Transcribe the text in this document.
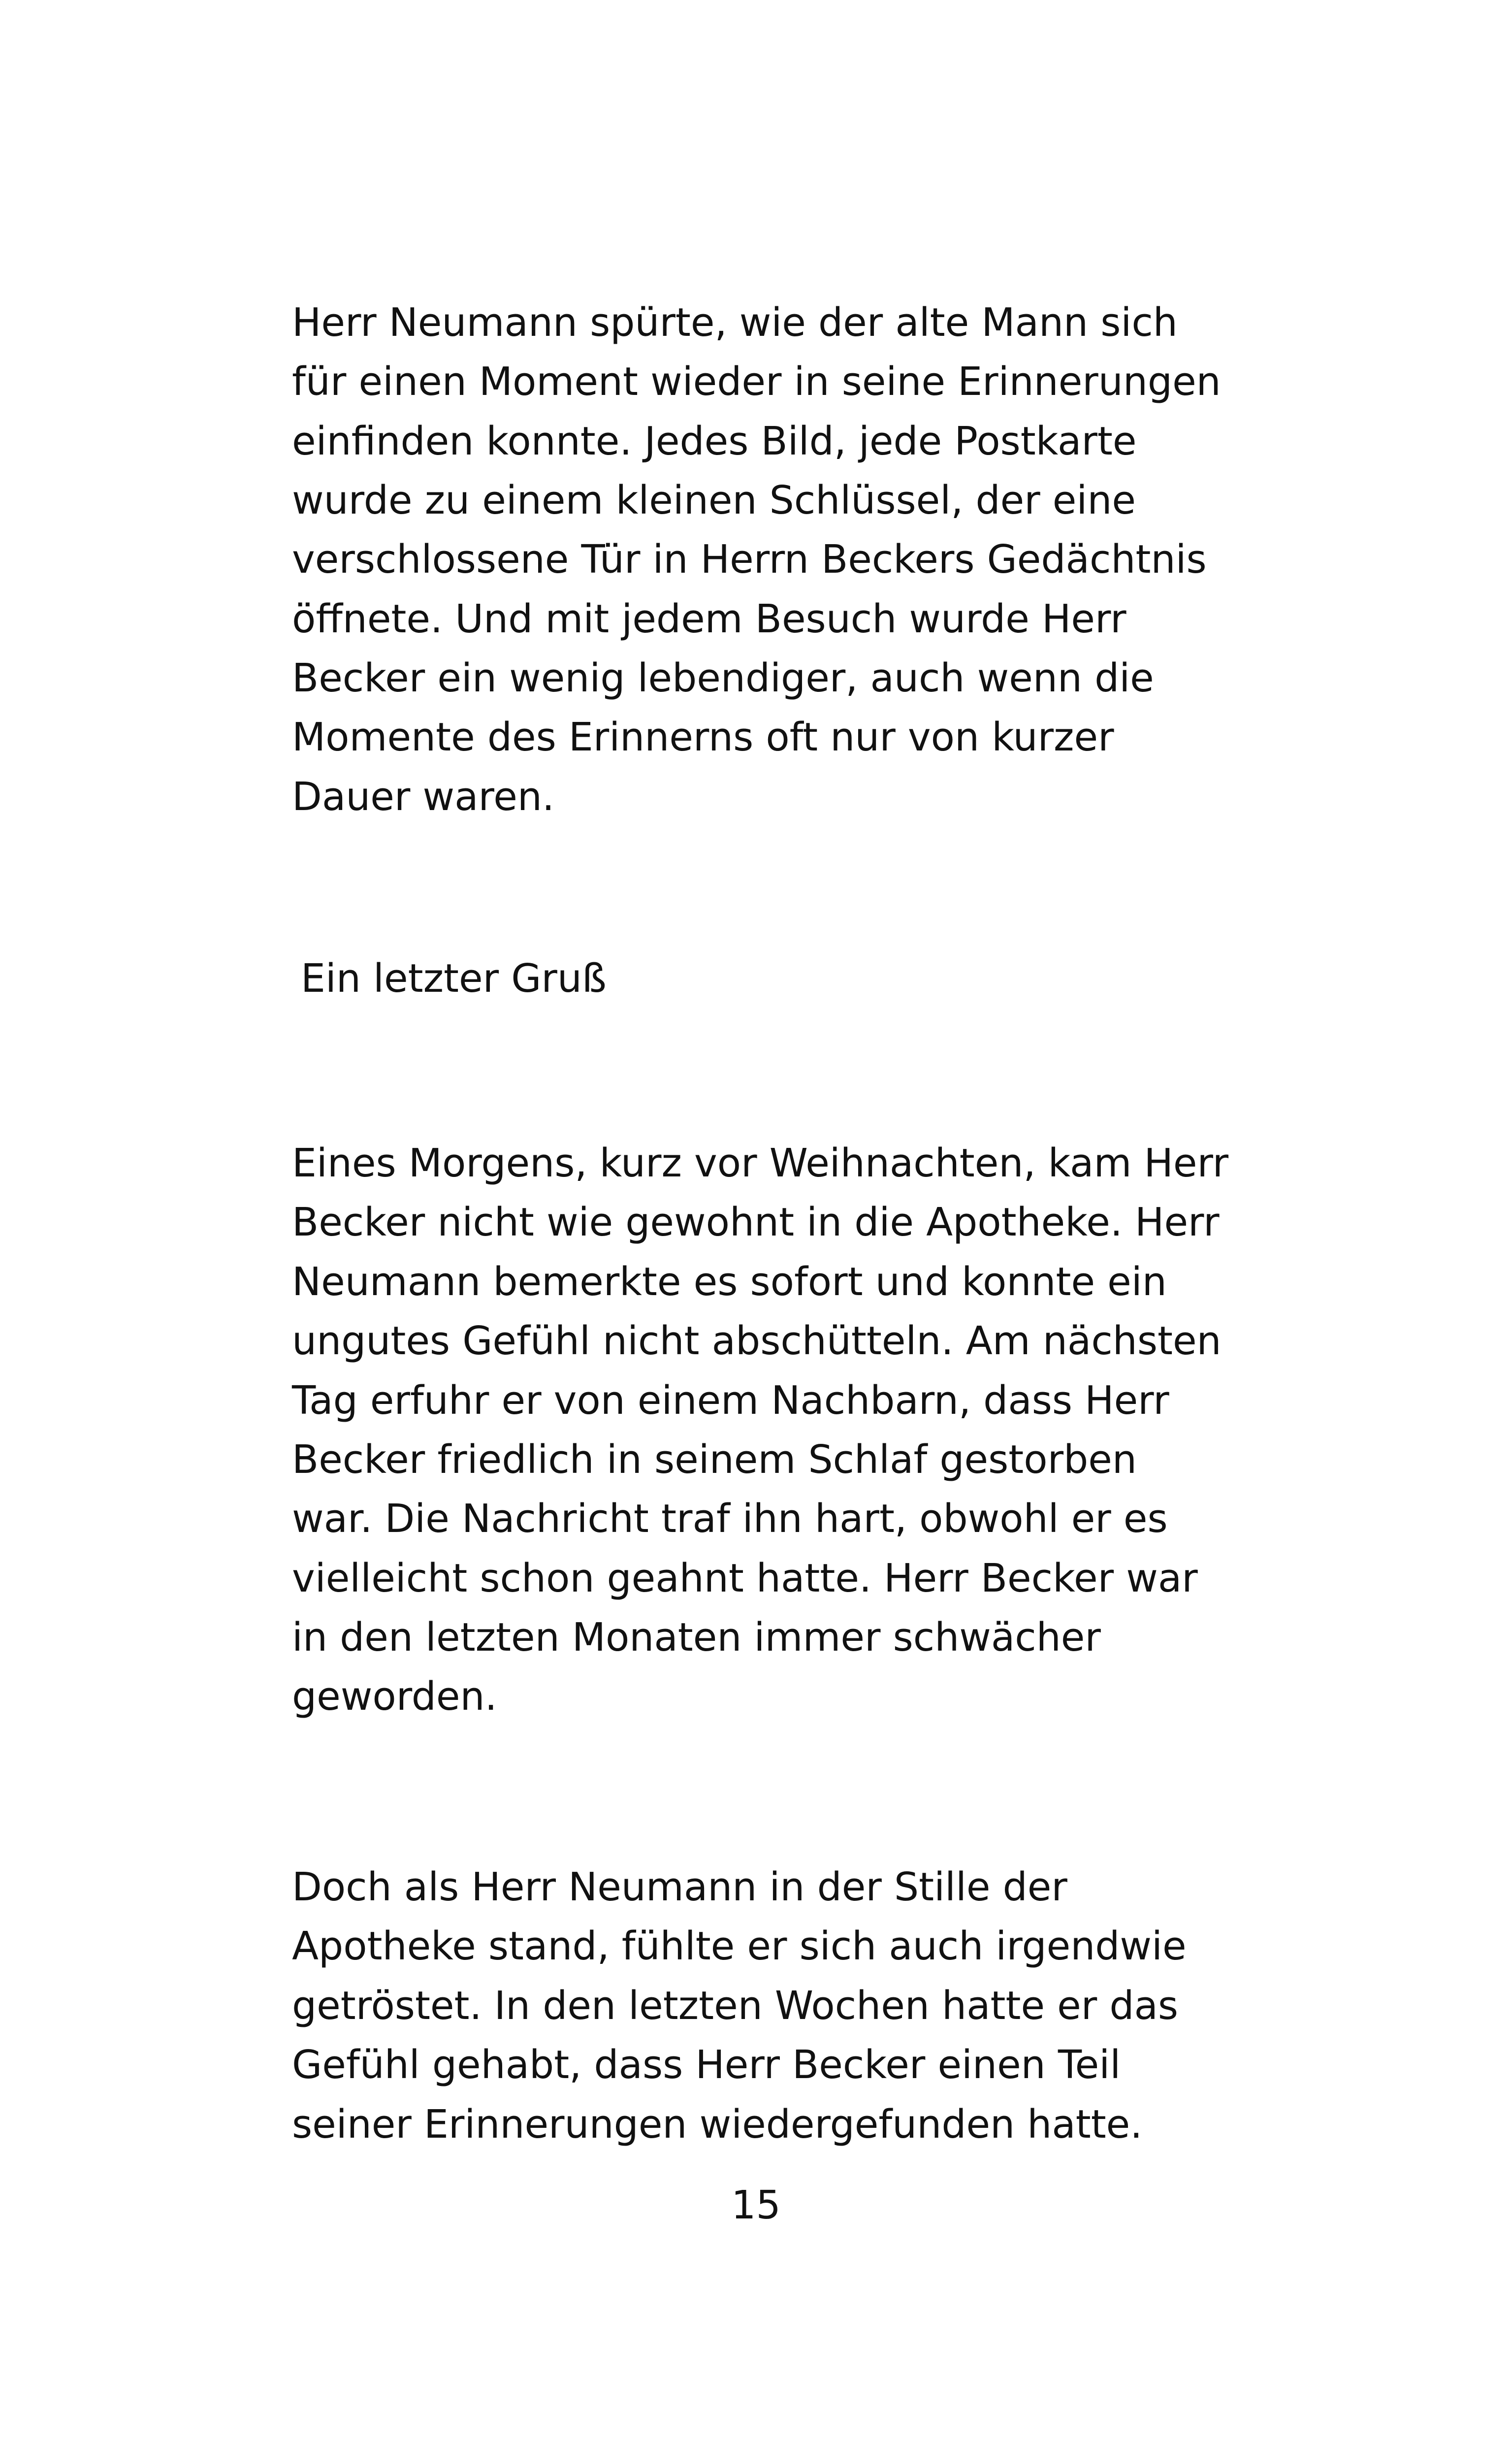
Herr Neumann spürte, wie der alte Mann sich
für einen Moment wieder in seine Erinnerungen
einfinden konnte. Jedes Bild, jede Postkarte
wurde zu einem kleinen Schlüssel, der eine
verschlossene Tür in Herrn Beckers Gedächtnis
öffnete. Und mit jedem Besuch wurde Herr
Becker ein wenig lebendiger, auch wenn die
Momente des Erinnerns oft nur von kurzer
Dauer waren.
Ein letzter Gruß
Eines Morgens, kurz vor Weihnachten, kam Herr
Becker nicht wie gewohnt in die Apotheke. Herr
Neumann bemerkte es sofort und konnte ein
ungutes Gefühl nicht abschütteln. Am nächsten
Tag erfuhr er von einem Nachbarn, dass Herr
Becker friedlich in seinem Schlaf gestorben
war. Die Nachricht traf ihn hart, obwohl er es
vielleicht schon geahnt hatte. Herr Becker war
in den letzten Monaten immer schwächer
geworden.
Doch als Herr Neumann in der Stille der
Apotheke stand, fühlte er sich auch irgendwie
getröstet. In den letzten Wochen hatte er das
Gefühl gehabt, dass Herr Becker einen Teil
seiner Erinnerungen wiedergefunden hatte.
15
